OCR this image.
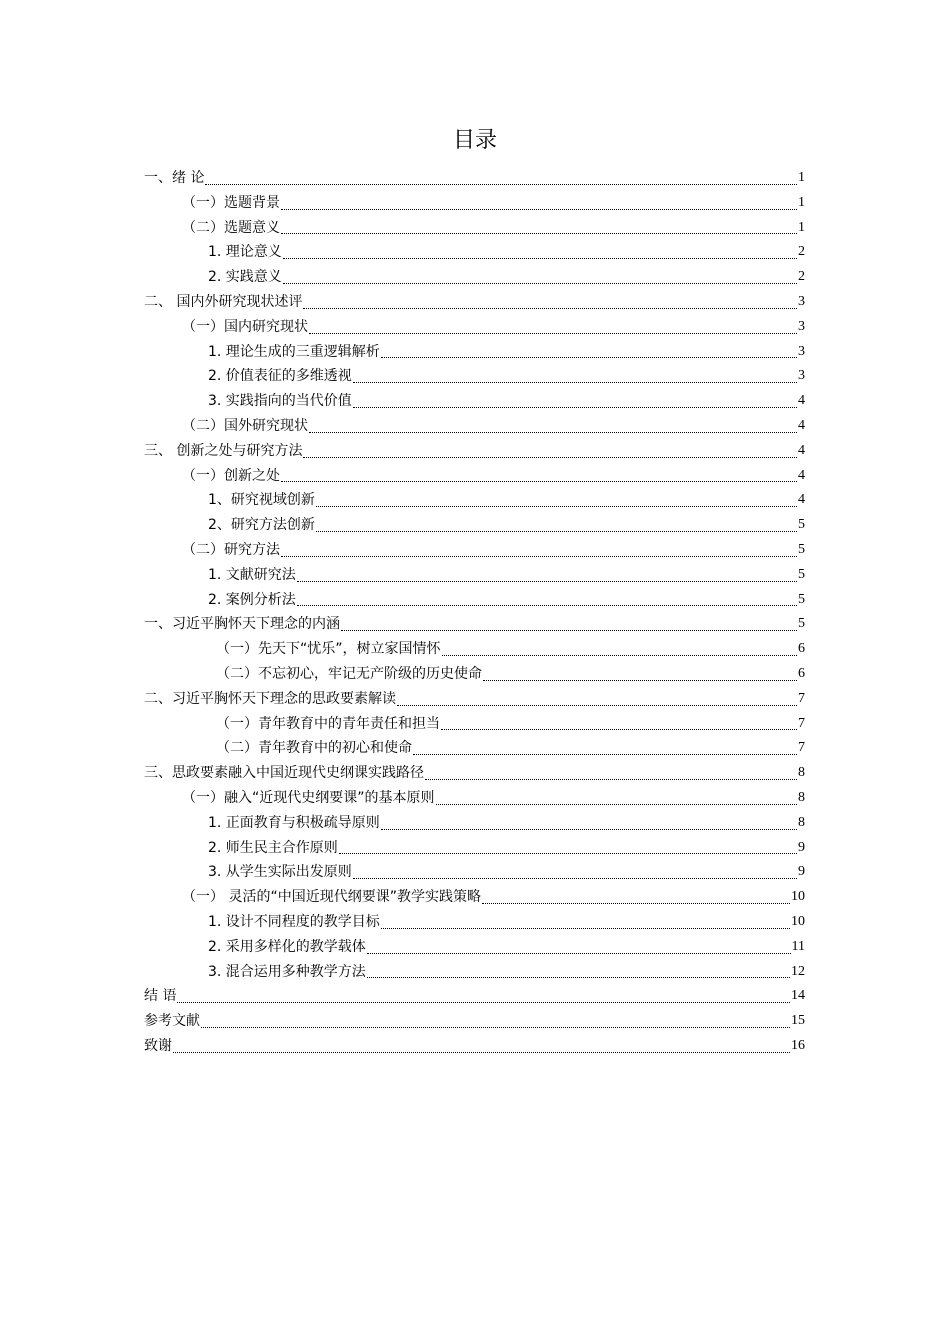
目录
一、绪 论	1
（一）选题背景	1
（二）选题意义	1
1. 理论意义	2
2. 实践意义	2
二、 国内外研究现状述评	3
（一）国内研究现状	3
1. 理论生成的三重逻辑解析	3
2. 价值表征的多维透视	3
3. 实践指向的当代价值	4
（二）国外研究现状	4
三、 创新之处与研究方法	4
（一）创新之处	4
1、研究视域创新	4
2、研究方法创新	5
（二）研究方法	5
1. 文献研究法	5
2. 案例分析法	5
一、习近平胸怀天下理念的内涵	5
（一）先天下“忧乐”，树立家国情怀	6
（二）不忘初心，牢记无产阶级的历史使命	6
二、习近平胸怀天下理念的思政要素解读	7
（一）青年教育中的青年责任和担当	7
（二）青年教育中的初心和使命	7
三、思政要素融入中国近现代史纲课实践路径	8
（一）融入“近现代史纲要课”的基本原则	8
1. 正面教育与积极疏导原则	8
2. 师生民主合作原则	9
3. 从学生实际出发原则	9
（一） 灵活的“中国近现代纲要课”教学实践策略	10
1. 设计不同程度的教学目标	10
2. 采用多样化的教学载体	11
3. 混合运用多种教学方法	12
结 语	14
参考文献	15
致谢	16
